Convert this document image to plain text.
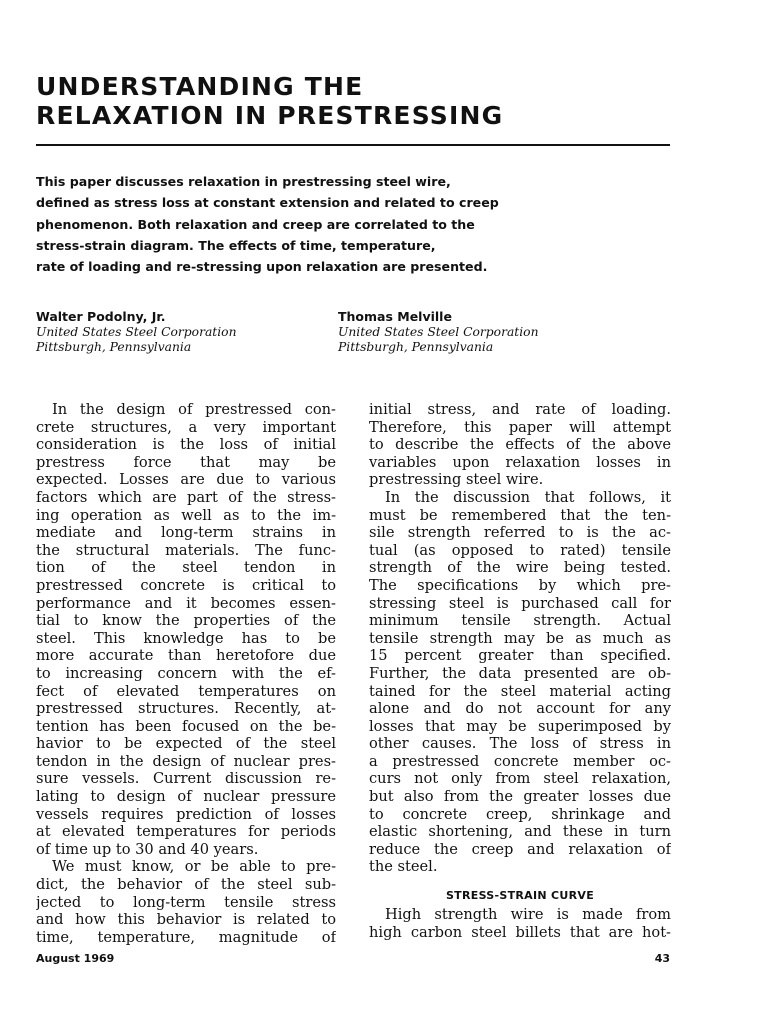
UNDERSTANDING THE
RELAXATION IN PRESTRESSING
This paper discusses relaxation in prestressing steel wire,
defined as stress loss at constant extension and related to creep
phenomenon. Both relaxation and creep are correlated to the
stress-strain diagram. The effects of time, temperature,
rate of loading and re-stressing upon relaxation are presented.
Walter Podolny, Jr.
United States Steel Corporation
Pittsburgh, Pennsylvania
Thomas Melville
United States Steel Corporation
Pittsburgh, Pennsylvania
In the design of prestressed con-
crete structures, a very important
consideration is the loss of initial
prestress force that may be
expected. Losses are due to various
factors which are part of the stress-
ing operation as well as to the im-
mediate and long-term strains in
the structural materials. The func-
tion of the steel tendon in
prestressed concrete is critical to
performance and it becomes essen-
tial to know the properties of the
steel. This knowledge has to be
more accurate than heretofore due
to increasing concern with the ef-
fect of elevated temperatures on
prestressed structures. Recently, at-
tention has been focused on the be-
havior to be expected of the steel
tendon in the design of nuclear pres-
sure vessels. Current discussion re-
lating to design of nuclear pressure
vessels requires prediction of losses
at elevated temperatures for periods
of time up to 30 and 40 years.
We must know, or be able to pre-
dict, the behavior of the steel sub-
jected to long-term tensile stress
and how this behavior is related to
time, temperature, magnitude of
initial stress, and rate of loading.
Therefore, this paper will attempt
to describe the effects of the above
variables upon relaxation losses in
prestressing steel wire.
In the discussion that follows, it
must be remembered that the ten-
sile strength referred to is the ac-
tual (as opposed to rated) tensile
strength of the wire being tested.
The specifications by which pre-
stressing steel is purchased call for
minimum tensile strength. Actual
tensile strength may be as much as
15 percent greater than specified.
Further, the data presented are ob-
tained for the steel material acting
alone and do not account for any
losses that may be superimposed by
other causes. The loss of stress in
a prestressed concrete member oc-
curs not only from steel relaxation,
but also from the greater losses due
to concrete creep, shrinkage and
elastic shortening, and these in turn
reduce the creep and relaxation of
the steel.
STRESS-STRAIN CURVE
High strength wire is made from
high carbon steel billets that are hot-
August 1969	43
